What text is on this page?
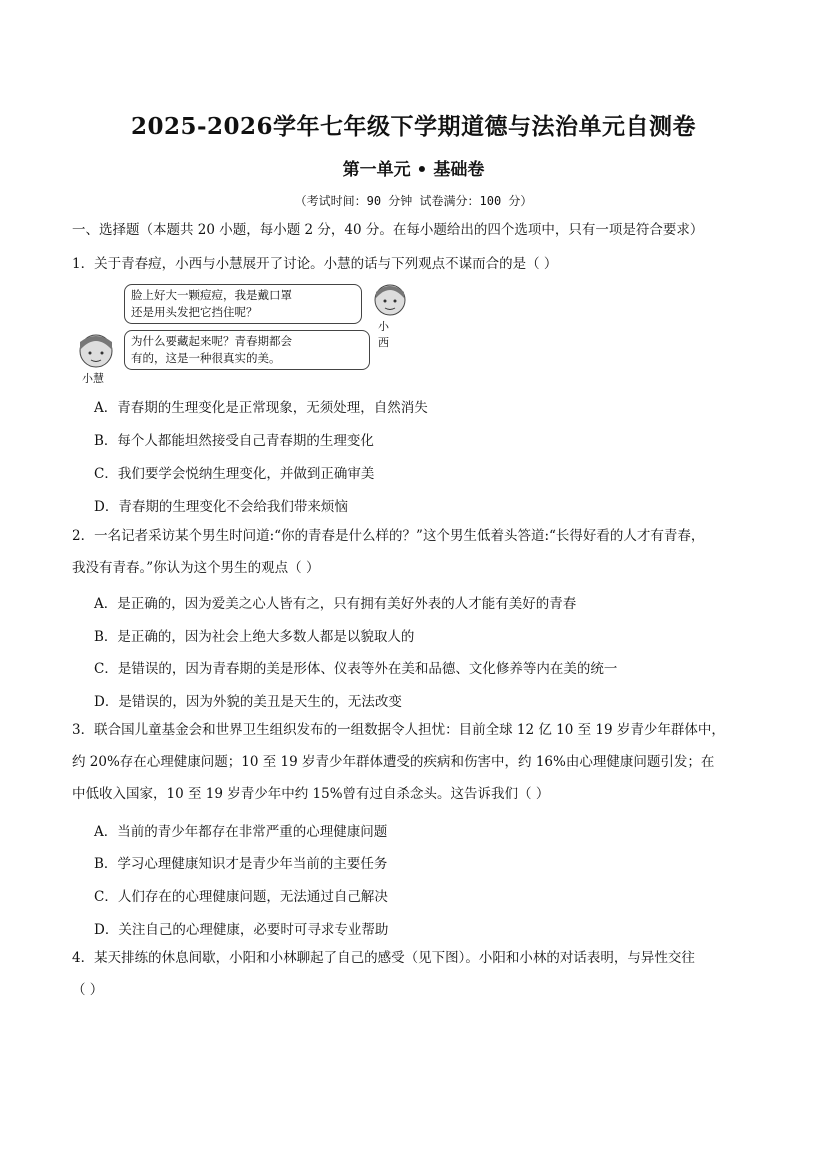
2025-2026学年七年级下学期道德与法治单元自测卷
第一单元 • 基础卷
（考试时间：90 分钟 试卷满分：100 分）
一、选择题（本题共 20 小题，每小题 2 分，40 分。在每小题给出的四个选项中，只有一项是符合要求）
1．关于青春痘，小西与小慧展开了讨论。小慧的话与下列观点不谋而合的是（ ）
脸上好大一颗痘痘，我是戴口罩
还是用头发把它挡住呢？
小西
为什么要藏起来呢？青春期都会
有的，这是一种很真实的美。
小慧
A．青春期的生理变化是正常现象，无须处理，自然消失
B．每个人都能坦然接受自己青春期的生理变化
C．我们要学会悦纳生理变化，并做到正确审美
D．青春期的生理变化不会给我们带来烦恼
2．一名记者采访某个男生时问道:“你的青春是什么样的？”这个男生低着头答道:“长得好看的人才有青春，
我没有青春。”你认为这个男生的观点（ ）
A．是正确的，因为爱美之心人皆有之，只有拥有美好外表的人才能有美好的青春
B．是正确的，因为社会上绝大多数人都是以貌取人的
C．是错误的，因为青春期的美是形体、仪表等外在美和品德、文化修养等内在美的统一
D．是错误的，因为外貌的美丑是天生的，无法改变
3．联合国儿童基金会和世界卫生组织发布的一组数据令人担忧：目前全球 12 亿 10 至 19 岁青少年群体中，
约 20%存在心理健康问题；10 至 19 岁青少年群体遭受的疾病和伤害中，约 16%由心理健康问题引发；在
中低收入国家，10 至 19 岁青少年中约 15%曾有过自杀念头。这告诉我们（ ）
A．当前的青少年都存在非常严重的心理健康问题
B．学习心理健康知识才是青少年当前的主要任务
C．人们存在的心理健康问题，无法通过自己解决
D．关注自己的心理健康，必要时可寻求专业帮助
4．某天排练的休息间歇，小阳和小林聊起了自己的感受（见下图）。小阳和小林的对话表明，与异性交往
（ ）
